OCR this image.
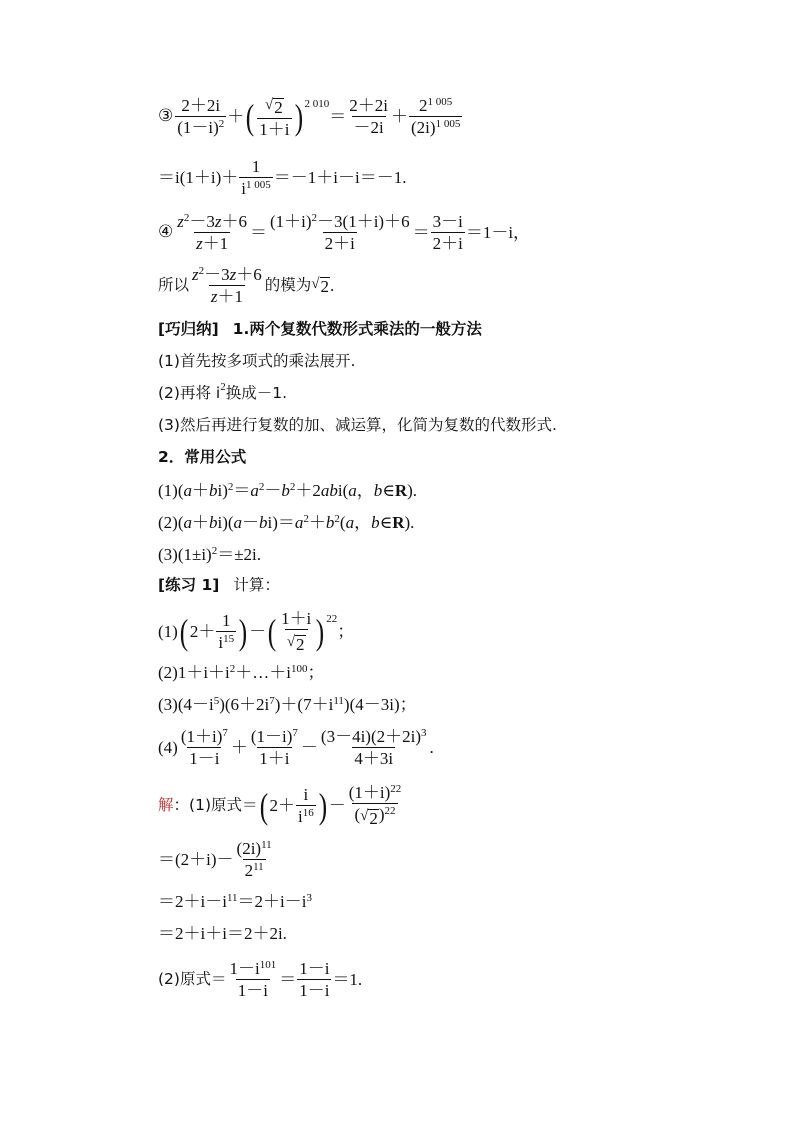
③ $\frac{2+2i}{(1-i)^2}$ ＋ ( $\frac{√ 2}{1+i} )^{2 010}$
＝ $\frac{2+2i}{-2i} + \frac{2^{1 005}}{(2i)^{1 005}}$
$=i(1+i)+ \frac{1}{i^{1 005}} =-1+i-i=-1$.
④ $\frac{z^2-3z+6}{z+1} = \frac{(1+i)^2-3(1+i)+6}{2+i} = \frac{3-i}{2+i} =1-i$，
所以 $\frac{z^2-3z+6}{z+1}$ 的模为 √ 2 .
[巧归纳] 1.两个复数代数形式乘法的一般方法
(1)首先按多项式的乘法展开.
(2)再将 $i^2$ 换成－1.
(3)然后再进行复数的加、减运算，化简为复数的代数形式.
2．常用公式
$(1)(a+bi)^2=a^2-b^2+2abi(a$，b∈R).
$(2)(a+bi)(a-bi)=a^2+b^2(a$，b∈R).
$(3)(1\pm i)^2=\pm 2i$.
[练习 1] 计算：
(1) ( $2+ \frac{1}{i^{15}}$ ) － ( $\frac{1+i}{√ 2} )^{22}$
；
$(2)1+i+i^2+\dots+i^{100}$；
$(3)(4-i^5)(6+2i^7)+(7+i^{11})(4-3i)$；
$(4) \frac{(1+i)^7}{1-i} + \frac{(1-i)^7}{1+i} - \frac{(3-4i)(2+2i)^3}{4+3i}$ .
解 ： (1)原式＝ ( $2+ \frac{i}{i^{16}}$ ) － $\frac{(1+i)^{22}}{( √ 2 )^{22}}$
$=(2+i)- \frac{(2i)^{11}}{2^{11}}$
$=2+i-i^{11}=2+i-i^3$
＝2＋i＋i＝2＋2i.
(2)原式＝ $\frac{1-i^{101}}{1-i} = \frac{1-i}{1-i} =1$.
